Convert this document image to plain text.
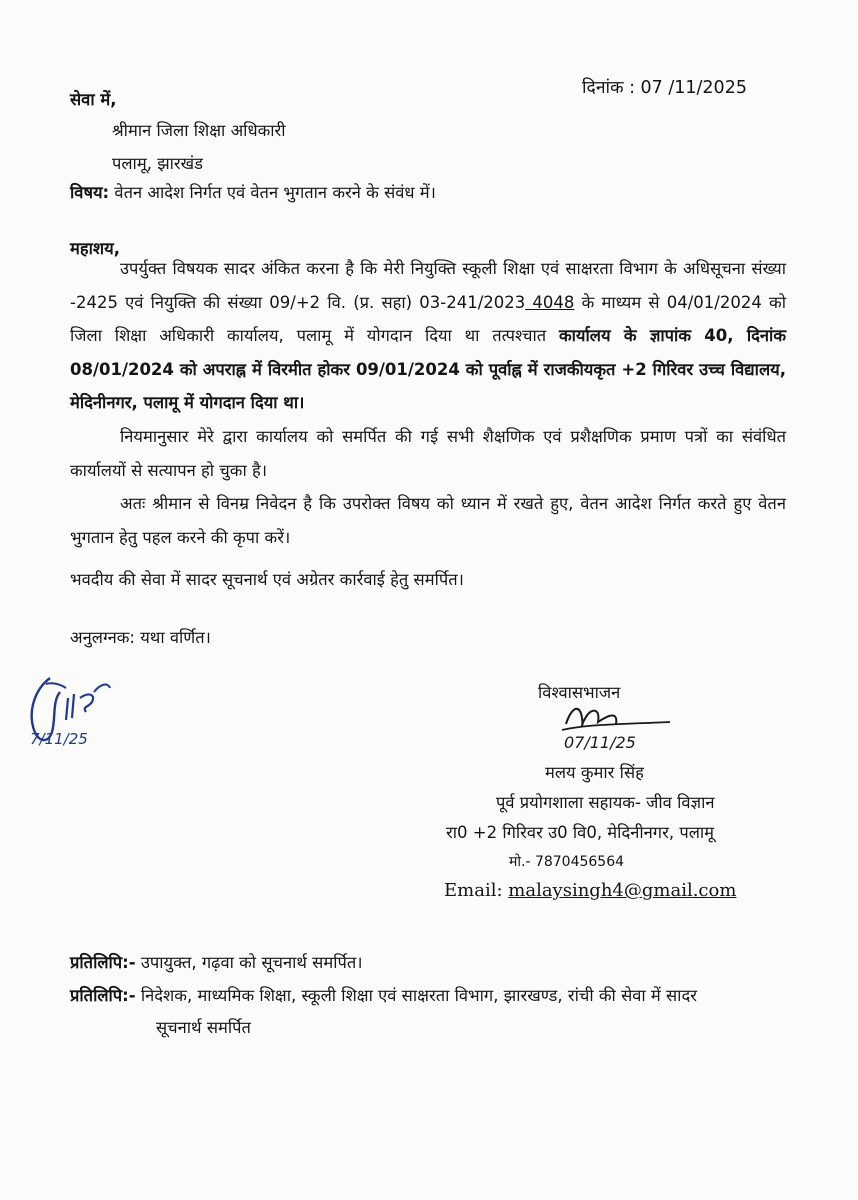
दिनांक : 07 /11/2025
सेवा में,
श्रीमान जिला शिक्षा अधिकारी
पलामू, झारखंड
विषय: वेतन आदेश निर्गत एवं वेतन भुगतान करने के संवंध में।
महाशय,
उपर्युक्त विषयक सादर अंकित करना है कि मेरी नियुक्ति स्कूली शिक्षा एवं साक्षरता विभाग के अधिसूचना संख्या -2425 एवं नियुक्ति की संख्या 09/+2 वि. (प्र. सहा) 03-241/2023 4048 के माध्यम से 04/01/2024 को जिला शिक्षा अधिकारी कार्यालय, पलामू में योगदान दिया था तत्पश्चात कार्यालय के ज्ञापांक 40, दिनांक 08/01/2024 को अपराह्न में विरमीत होकर 09/01/2024 को पूर्वाह्न में राजकीयकृत +2 गिरिवर उच्च विद्यालय, मेदिनीनगर, पलामू में योगदान दिया था।
नियमानुसार मेरे द्वारा कार्यालय को समर्पित की गई सभी शैक्षणिक एवं प्रशैक्षणिक प्रमाण पत्रों का संवंधित कार्यालयों से सत्यापन हो चुका है।
अतः श्रीमान से विनम्र निवेदन है कि उपरोक्त विषय को ध्यान में रखते हुए, वेतन आदेश निर्गत करते हुए वेतन भुगतान हेतु पहल करने की कृपा करें।
भवदीय की सेवा में सादर सूचनार्थ एवं अग्रेतर कार्रवाई हेतु समर्पित।
अनुलग्नक: यथा वर्णित।
7/11/25
विश्वासभाजन
07/11/25
मलय कुमार सिंह
पूर्व प्रयोगशाला सहायक- जीव विज्ञान
रा0 +2 गिरिवर उ0 वि0, मेदिनीनगर, पलामू
मो.- 7870456564
Email: malaysingh4@gmail.com
प्रतिलिपि:- उपायुक्त, गढ़वा को सूचनार्थ समर्पित।
प्रतिलिपि:- निदेशक, माध्यमिक शिक्षा, स्कूली शिक्षा एवं साक्षरता विभाग, झारखण्ड, रांची की सेवा में सादर
सूचनार्थ समर्पित
